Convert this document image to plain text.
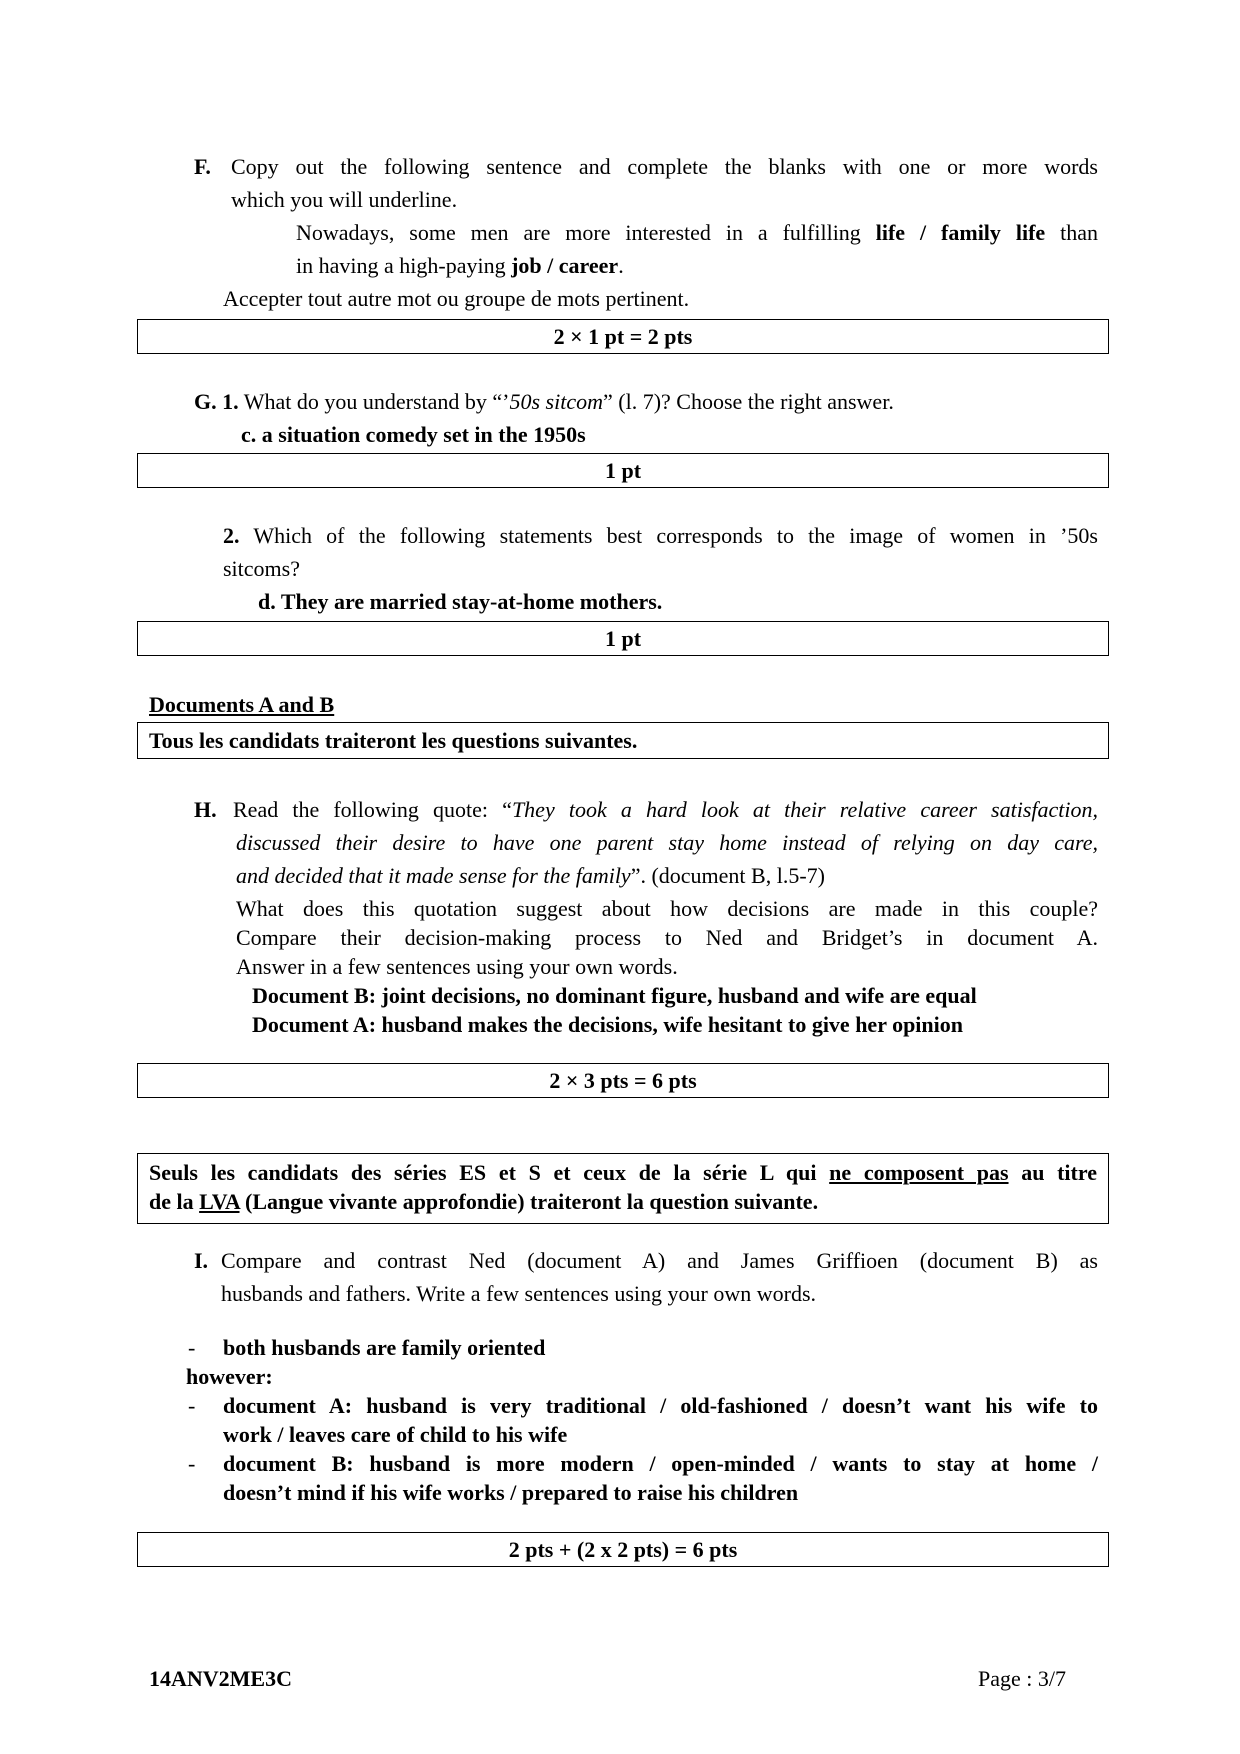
F. Copy out the following sentence and complete the blanks with one or more words
which you will underline.
Nowadays, some men are more interested in a fulfilling life / family life than
in having a high-paying job / career.
Accepter tout autre mot ou groupe de mots pertinent.
2 × 1 pt = 2 pts
G. 1. What do you understand by “’50s sitcom” (l. 7)? Choose the right answer.
c. a situation comedy set in the 1950s
1 pt
2. Which of the following statements best corresponds to the image of women in ’50s
sitcoms?
d. They are married stay-at-home mothers.
1 pt
Documents A and B
Tous les candidats traiteront les questions suivantes.
H. Read the following quote: “They took a hard look at their relative career satisfaction,
discussed their desire to have one parent stay home instead of relying on day care,
and decided that it made sense for the family”. (document B, l.5-7)
What does this quotation suggest about how decisions are made in this couple?
Compare their decision-making process to Ned and Bridget’s in document A.
Answer in a few sentences using your own words.
Document B: joint decisions, no dominant figure, husband and wife are equal
Document A: husband makes the decisions, wife hesitant to give her opinion
2 × 3 pts = 6 pts
Seuls les candidats des séries ES et S et ceux de la série L qui ne composent pas au titre
de la LVA (Langue vivante approfondie) traiteront la question suivante.
I. Compare and contrast Ned (document A) and James Griffioen (document B) as
husbands and fathers. Write a few sentences using your own words.
- both husbands are family oriented
however:
- document A: husband is very traditional / old-fashioned / doesn’t want his wife to
work / leaves care of child to his wife
- document B: husband is more modern / open-minded / wants to stay at home /
doesn’t mind if his wife works / prepared to raise his children
2 pts + (2 x 2 pts) = 6 pts
14ANV2ME3C	Page : 3/7
